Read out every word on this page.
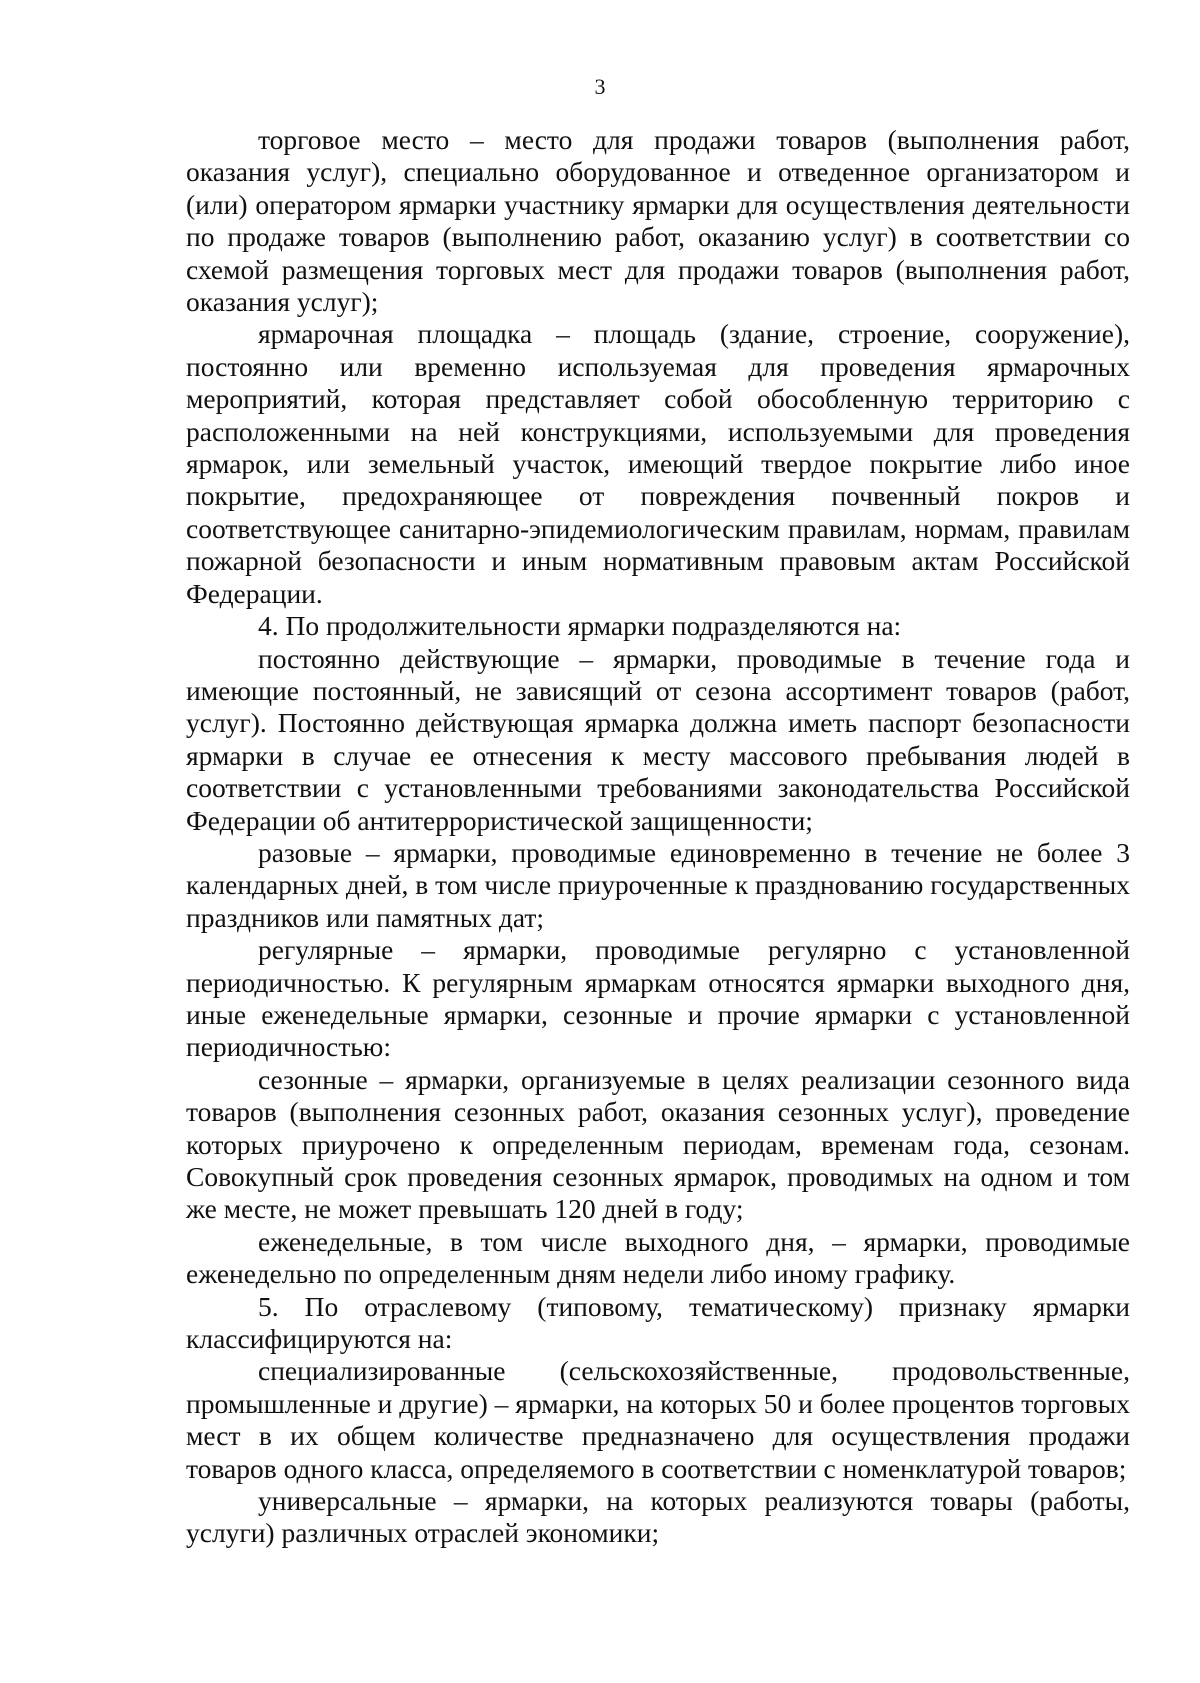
3

торговое место – место для продажи товаров (выполнения работ, оказания услуг), специально оборудованное и отведенное организатором и (или) оператором ярмарки участнику ярмарки для осуществления деятельности по продаже товаров (выполнению работ, оказанию услуг) в соответствии со схемой размещения торговых мест для продажи товаров (выполнения работ, оказания услуг);

ярмарочная площадка – площадь (здание, строение, сооружение), постоянно или временно используемая для проведения ярмарочных мероприятий, которая представляет собой обособленную территорию с расположенными на ней конструкциями, используемыми для проведения ярмарок, или земельный участок, имеющий твердое покрытие либо иное покрытие, предохраняющее от повреждения почвенный покров и соответствующее санитарно-эпидемиологическим правилам, нормам, правилам пожарной безопасности и иным нормативным правовым актам Российской Федерации.

4. По продолжительности ярмарки подразделяются на:

постоянно действующие – ярмарки, проводимые в течение года и имеющие постоянный, не зависящий от сезона ассортимент товаров (работ, услуг). Постоянно действующая ярмарка должна иметь паспорт безопасности ярмарки в случае ее отнесения к месту массового пребывания людей в соответствии с установленными требованиями законодательства Российской Федерации об антитеррористической защищенности;

разовые – ярмарки, проводимые единовременно в течение не более 3 календарных дней, в том числе приуроченные к празднованию государственных праздников или памятных дат;

регулярные – ярмарки, проводимые регулярно с установленной периодичностью. К регулярным ярмаркам относятся ярмарки выходного дня, иные еженедельные ярмарки, сезонные и прочие ярмарки с установленной периодичностью:

сезонные – ярмарки, организуемые в целях реализации сезонного вида товаров (выполнения сезонных работ, оказания сезонных услуг), проведение которых приурочено к определенным периодам, временам года, сезонам. Совокупный срок проведения сезонных ярмарок, проводимых на одном и том же месте, не может превышать 120 дней в году;

еженедельные, в том числе выходного дня, – ярмарки, проводимые еженедельно по определенным дням недели либо иному графику.

5. По отраслевому (типовому, тематическому) признаку ярмарки классифицируются на:

специализированные (сельскохозяйственные, продовольственные, промышленные и другие) – ярмарки, на которых 50 и более процентов торговых мест в их общем количестве предназначено для осуществления продажи товаров одного класса, определяемого в соответствии с номенклатурой товаров;

универсальные – ярмарки, на которых реализуются товары (работы, услуги) различных отраслей экономики;
